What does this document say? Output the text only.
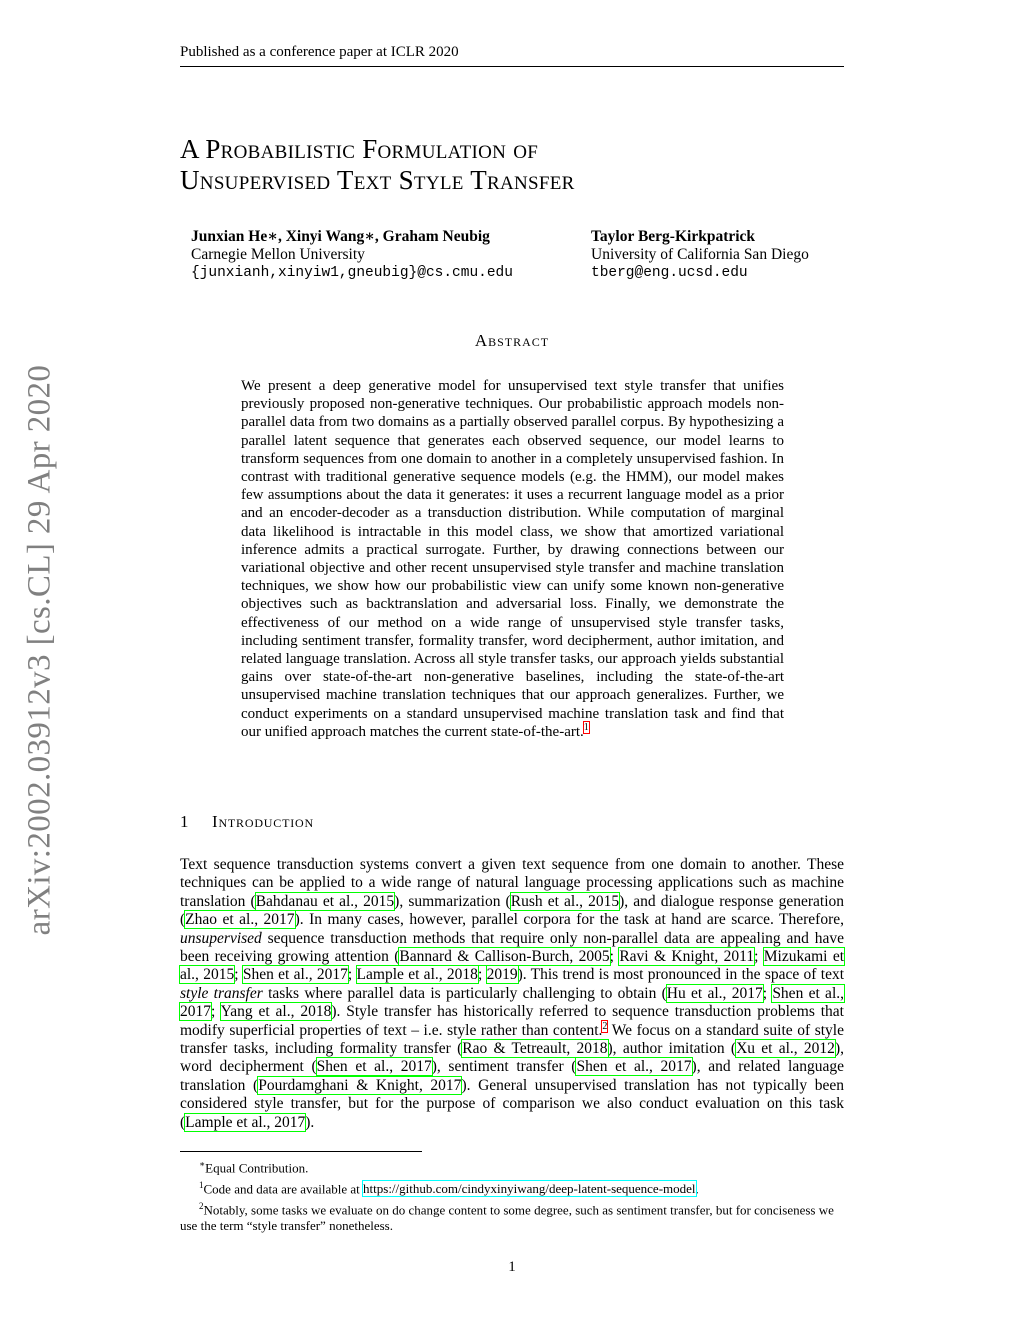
Published as a conference paper at ICLR 2020
A Probabilistic Formulation of
Unsupervised Text Style Transfer
Junxian He∗, Xinyi Wang∗, Graham Neubig
Carnegie Mellon University
{junxianh,xinyiw1,gneubig}@cs.cmu.edu
Taylor Berg-Kirkpatrick
University of California San Diego
tberg@eng.ucsd.edu
arXiv:2002.03912v3 [cs.CL] 29 Apr 2020
Abstract
We present a deep generative model for unsupervised text style transfer that unifies previously proposed non-generative techniques. Our probabilistic approach models non-parallel data from two domains as a partially observed parallel corpus. By hypothesizing a parallel latent sequence that generates each observed sequence, our model learns to transform sequences from one domain to another in a completely unsupervised fashion. In contrast with traditional generative sequence models (e.g. the HMM), our model makes few assumptions about the data it generates: it uses a recurrent language model as a prior and an encoder-decoder as a transduction distribution. While computation of marginal data likelihood is intractable in this model class, we show that amortized variational inference admits a practical surrogate. Further, by drawing connections between our variational objective and other recent unsupervised style transfer and machine translation techniques, we show how our probabilistic view can unify some known non-generative objectives such as backtranslation and adversarial loss. Finally, we demonstrate the effectiveness of our method on a wide range of unsupervised style transfer tasks, including sentiment transfer, formality transfer, word decipherment, author imitation, and related language translation. Across all style transfer tasks, our approach yields substantial gains over state-of-the-art non-generative baselines, including the state-of-the-art unsupervised machine translation techniques that our approach generalizes. Further, we conduct experiments on a standard unsupervised machine translation task and find that our unified approach matches the current state-of-the-art.$^1$
1 Introduction
Text sequence transduction systems convert a given text sequence from one domain to another. These techniques can be applied to a wide range of natural language processing applications such as machine translation (Bahdanau et al., 2015), summarization (Rush et al., 2015), and dialogue response generation (Zhao et al., 2017). In many cases, however, parallel corpora for the task at hand are scarce. Therefore, unsupervised sequence transduction methods that require only non-parallel data are appealing and have been receiving growing attention (Bannard & Callison-Burch, 2005; Ravi & Knight, 2011; Mizukami et al., 2015; Shen et al., 2017; Lample et al., 2018; 2019). This trend is most pronounced in the space of text style transfer tasks where parallel data is particularly challenging to obtain (Hu et al., 2017; Shen et al., 2017; Yang et al., 2018). Style transfer has historically referred to sequence transduction problems that modify superficial properties of text – i.e. style rather than content.$^2$ We focus on a standard suite of style transfer tasks, including formality transfer (Rao & Tetreault, 2018), author imitation (Xu et al., 2012), word decipherment (Shen et al., 2017), sentiment transfer (Shen et al., 2017), and related language translation (Pourdamghani & Knight, 2017). General unsupervised translation has not typically been considered style transfer, but for the purpose of comparison we also conduct evaluation on this task (Lample et al., 2017).
∗Equal Contribution.
$^1$Code and data are available at https://github.com/cindyxinyiwang/deep-latent-sequence-model.
$^2$Notably, some tasks we evaluate on do change content to some degree, such as sentiment transfer, but for conciseness we use the term “style transfer” nonetheless.
1
